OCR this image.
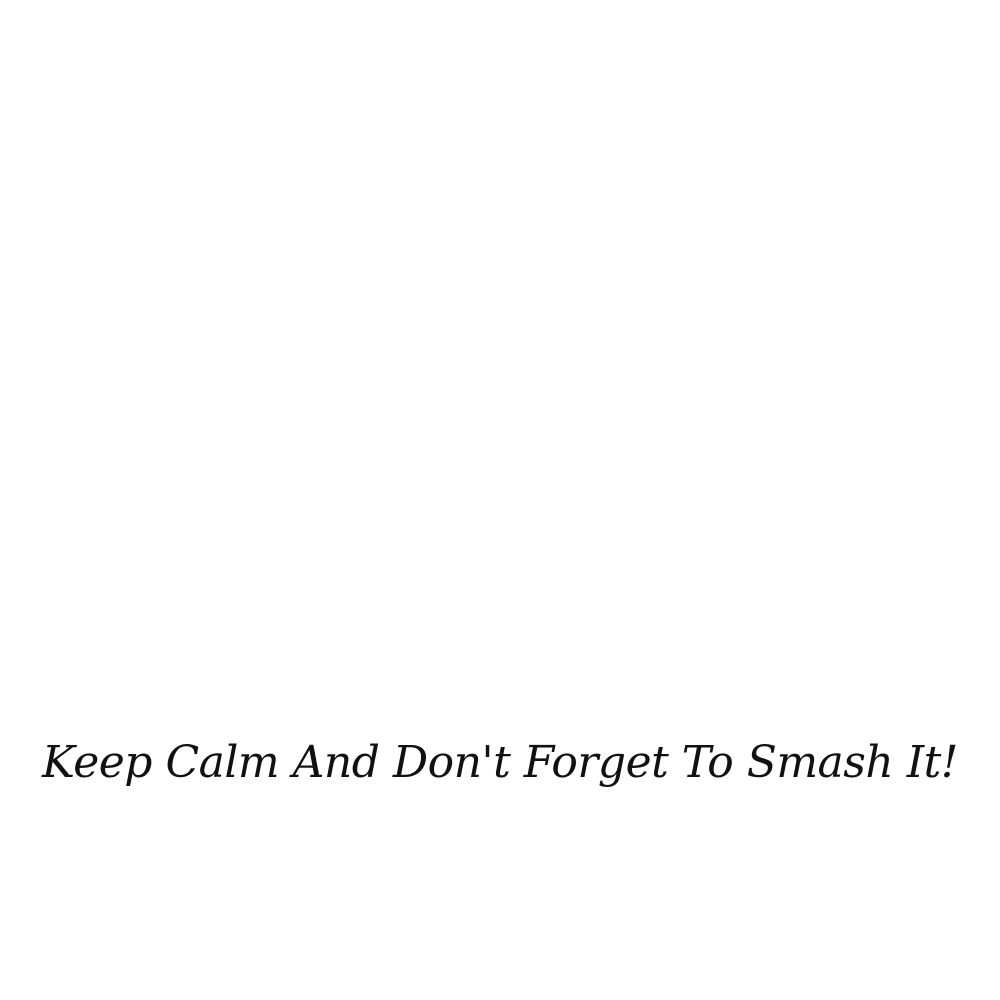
Keep Calm And Don't Forget To Smash It!
